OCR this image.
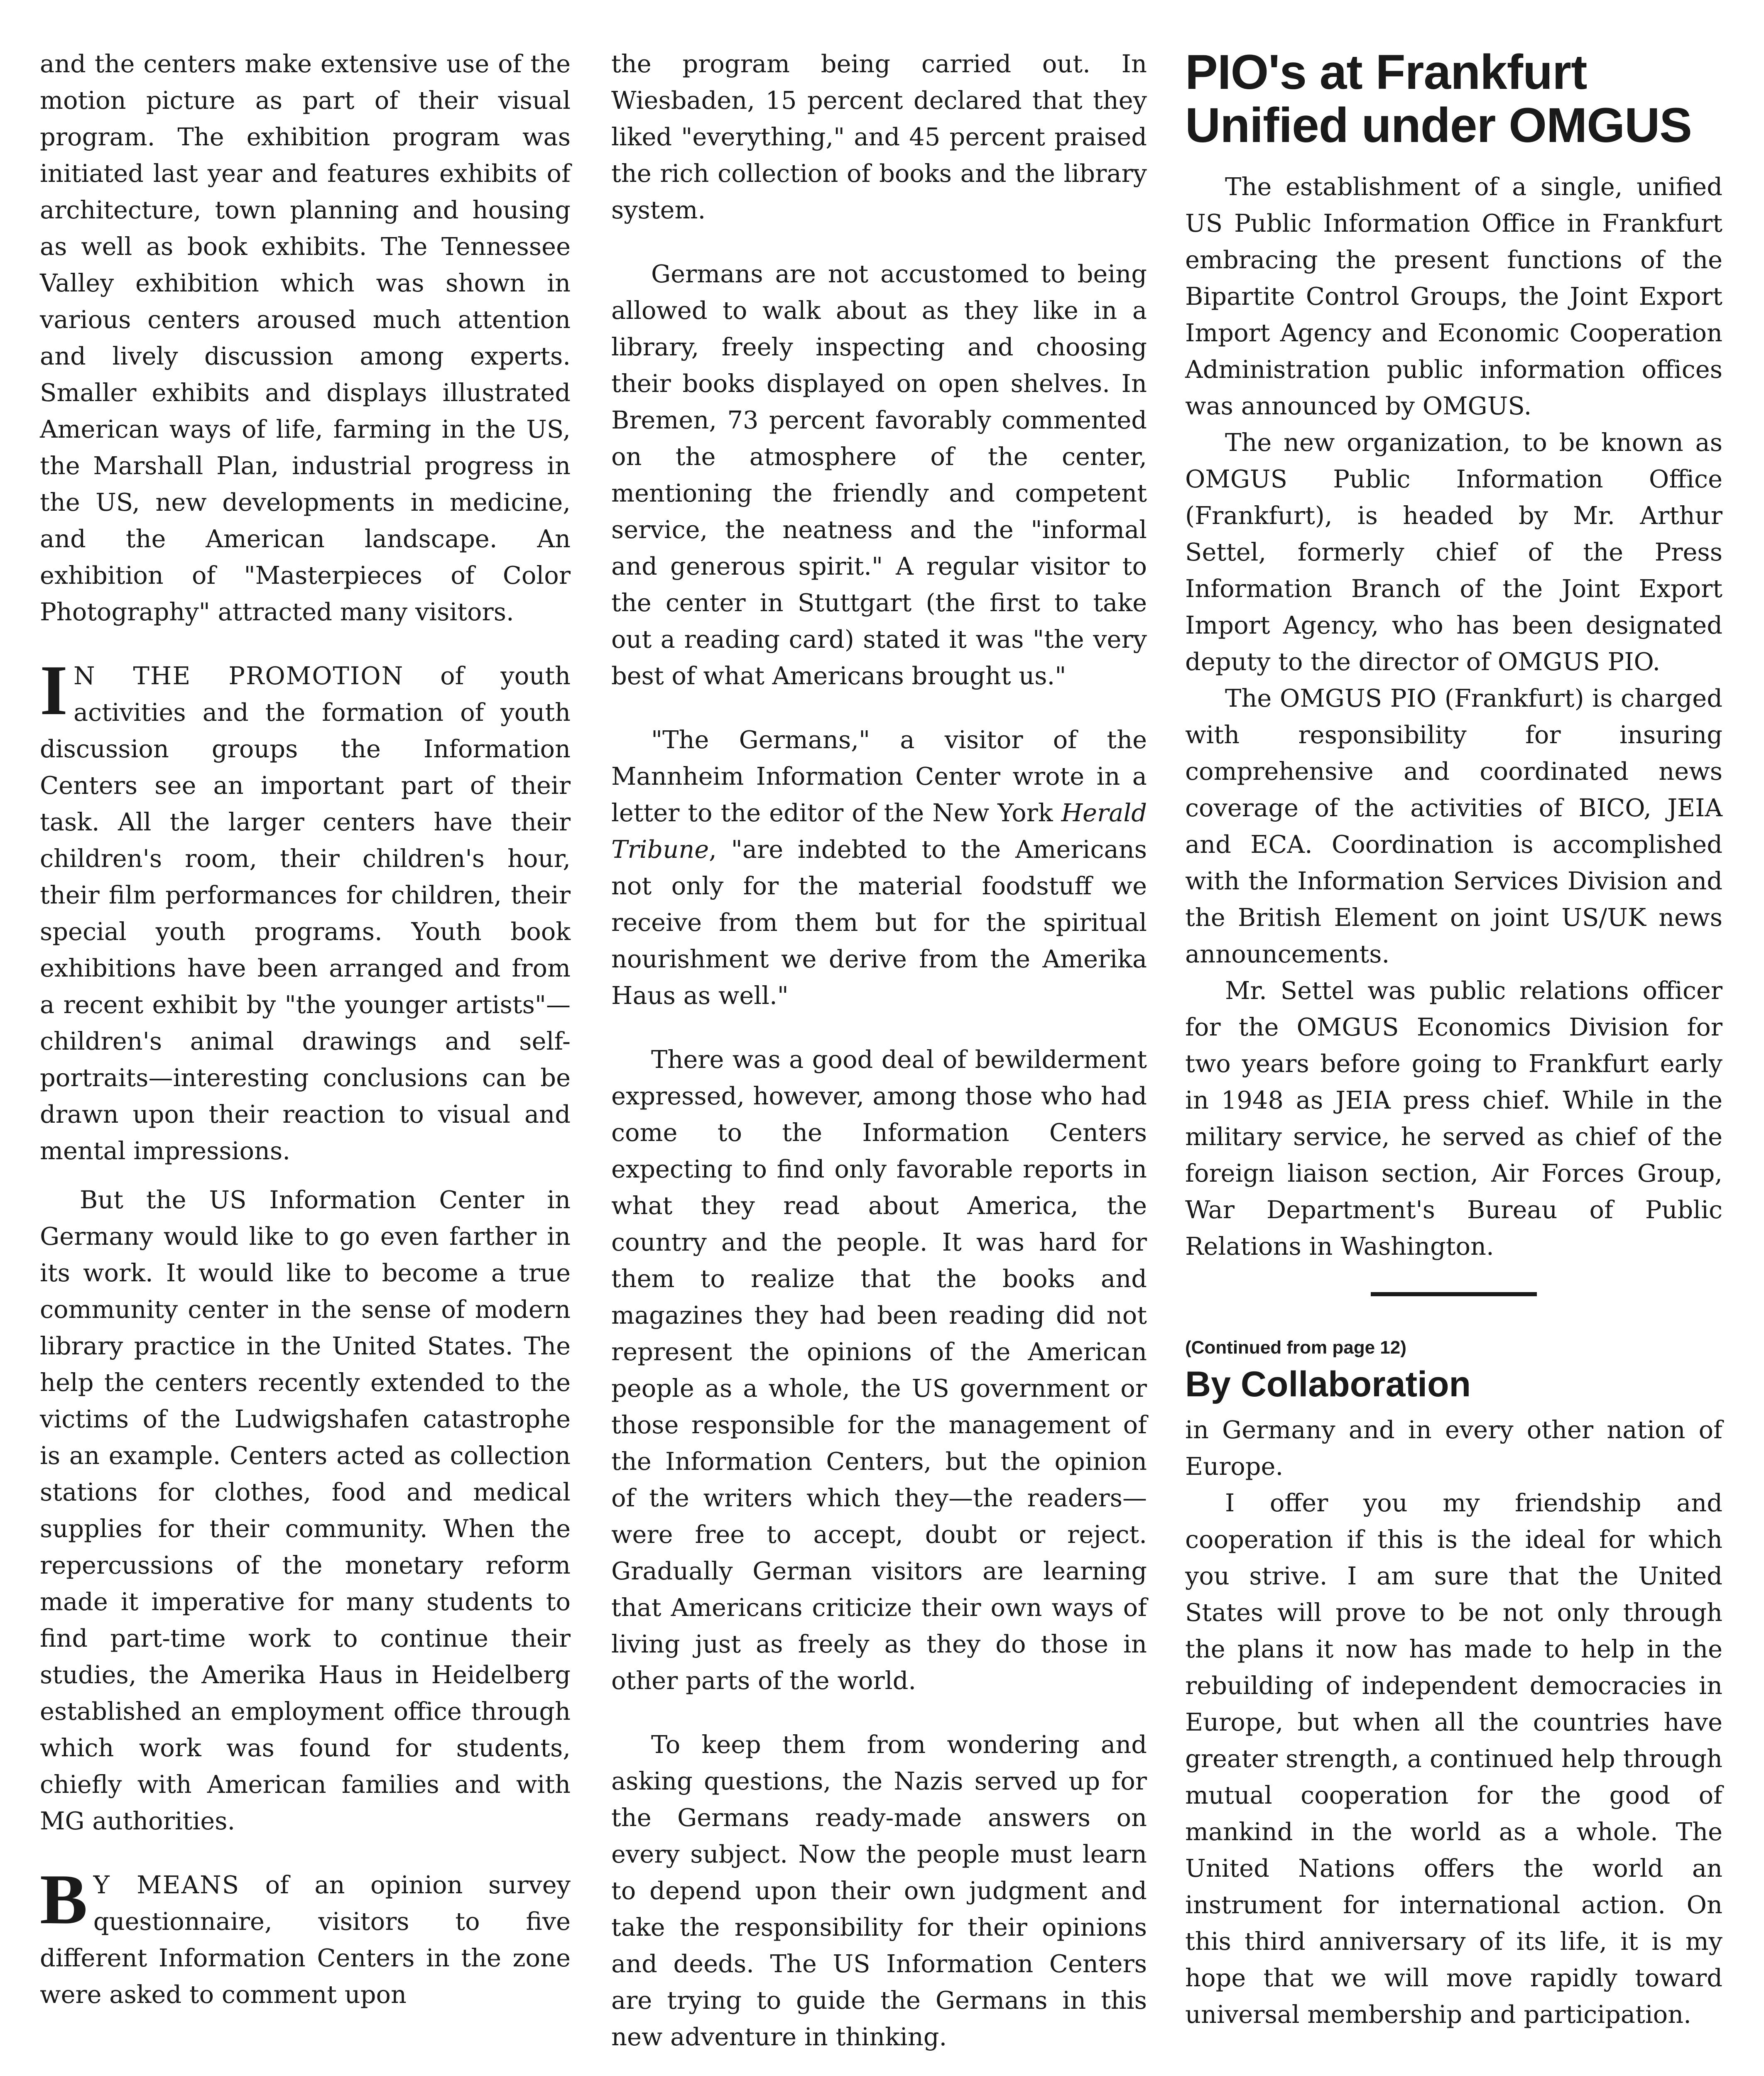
and the centers make extensive use of the motion picture as part of their visual program. The exhibition program was initiated last year and features exhibits of architecture, town planning and housing as well as book exhibits. The Tennessee Valley exhibition which was shown in various centers aroused much attention and lively discussion among experts. Smaller exhibits and displays illustrated American ways of life, farming in the US, the Marshall Plan, industrial progress in the US, new developments in medicine, and the American landscape. An exhibition of "Masterpieces of Color Photography" attracted many visitors.

I N THE PROMOTION of youth activities and the formation of youth discussion groups the Information Centers see an important part of their task. All the larger centers have their children's room, their children's hour, their film performances for children, their special youth programs. Youth book exhibitions have been arranged and from a recent exhibit by "the younger artists"—children's animal drawings and self-portraits—interesting conclusions can be drawn upon their reaction to visual and mental impressions.

But the US Information Center in Germany would like to go even farther in its work. It would like to become a true community center in the sense of modern library practice in the United States. The help the centers recently extended to the victims of the Ludwigshafen catastrophe is an example. Centers acted as collection stations for clothes, food and medical supplies for their community. When the repercussions of the monetary reform made it imperative for many students to find part-time work to continue their studies, the Amerika Haus in Heidelberg established an employment office through which work was found for students, chiefly with American families and with MG authorities.

B Y MEANS of an opinion survey questionnaire, visitors to five different Information Centers in the zone were asked to comment upon

the program being carried out. In Wiesbaden, 15 percent declared that they liked "everything," and 45 percent praised the rich collection of books and the library system.

Germans are not accustomed to being allowed to walk about as they like in a library, freely inspecting and choosing their books displayed on open shelves. In Bremen, 73 percent favorably commented on the atmosphere of the center, mentioning the friendly and competent service, the neatness and the "informal and generous spirit." A regular visitor to the center in Stuttgart (the first to take out a reading card) stated it was "the very best of what Americans brought us."

"The Germans," a visitor of the Mannheim Information Center wrote in a letter to the editor of the New York Herald Tribune, "are indebted to the Americans not only for the material foodstuff we receive from them but for the spiritual nourishment we derive from the Amerika Haus as well."

There was a good deal of bewilderment expressed, however, among those who had come to the Information Centers expecting to find only favorable reports in what they read about America, the country and the people. It was hard for them to realize that the books and magazines they had been reading did not represent the opinions of the American people as a whole, the US government or those responsible for the management of the Information Centers, but the opinion of the writers which they—the readers—were free to accept, doubt or reject. Gradually German visitors are learning that Americans criticize their own ways of living just as freely as they do those in other parts of the world.

To keep them from wondering and asking questions, the Nazis served up for the Germans ready-made answers on every subject. Now the people must learn to depend upon their own judgment and take the responsibility for their opinions and deeds. The US Information Centers are trying to guide the Germans in this new adventure in thinking.

PIO's at Frankfurt Unified under OMGUS

The establishment of a single, unified US Public Information Office in Frankfurt embracing the present functions of the Bipartite Control Groups, the Joint Export Import Agency and Economic Cooperation Administration public information offices was announced by OMGUS.

The new organization, to be known as OMGUS Public Information Office (Frankfurt), is headed by Mr. Arthur Settel, formerly chief of the Press Information Branch of the Joint Export Import Agency, who has been designated deputy to the director of OMGUS PIO.

The OMGUS PIO (Frankfurt) is charged with responsibility for insuring comprehensive and coordinated news coverage of the activities of BICO, JEIA and ECA. Coordination is accomplished with the Information Services Division and the British Element on joint US/UK news announcements.

Mr. Settel was public relations officer for the OMGUS Economics Division for two years before going to Frankfurt early in 1948 as JEIA press chief. While in the military service, he served as chief of the foreign liaison section, Air Forces Group, War Department's Bureau of Public Relations in Washington.

(Continued from page 12)
By Collaboration

in Germany and in every other nation of Europe.

I offer you my friendship and cooperation if this is the ideal for which you strive. I am sure that the United States will prove to be not only through the plans it now has made to help in the rebuilding of independent democracies in Europe, but when all the countries have greater strength, a continued help through mutual cooperation for the good of mankind in the world as a whole. The United Nations offers the world an instrument for international action. On this third anniversary of its life, it is my hope that we will move rapidly toward universal membership and participation.
